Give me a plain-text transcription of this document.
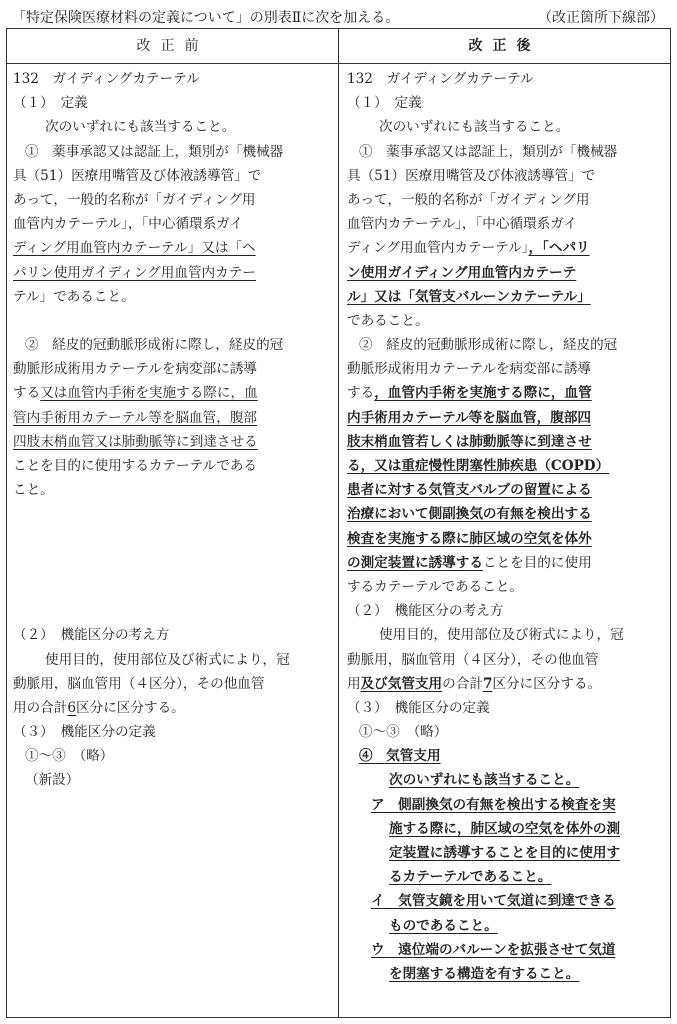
「特定保険医療材料の定義について」の別表Ⅱに次を加える。	（改正箇所下線部）
改正前	改正後
132　ガイディングカテーテル
（１）　定義
次のいずれにも該当すること。
①　薬事承認又は認証上，類別が「機械器
具（51）医療用嘴管及び体液誘導管」で
あって，一般的名称が「ガイディング用
血管内カテーテル」，「中心循環系ガイ
ディング用血管内カテーテル」又は「ヘ
パリン使用ガイディング用血管内カテー
テル」であること。
②　経皮的冠動脈形成術に際し，経皮的冠
動脈形成術用カテーテルを病変部に誘導
する又は血管内手術を実施する際に，血
管内手術用カテーテル等を脳血管，腹部
四肢末梢血管又は肺動脈等に到達させる
ことを目的に使用するカテーテルである
こと。
（２）　機能区分の考え方
使用目的，使用部位及び術式により，冠
動脈用，脳血管用（４区分），その他血管
用の合計6区分に区分する。
（３）　機能区分の定義
①～③　（略）
（新設）
132　ガイディングカテーテル
（１）　定義
次のいずれにも該当すること。
①　薬事承認又は認証上，類別が「機械器
具（51）医療用嘴管及び体液誘導管」で
あって，一般的名称が「ガイディング用
血管内カテーテル」，「中心循環系ガイ
ディング用血管内カテーテル」，「ヘパリ
ン使用ガイディング用血管内カテーテ
ル」又は「気管支バルーンカテーテル」
であること。
②　経皮的冠動脈形成術に際し，経皮的冠
動脈形成術用カテーテルを病変部に誘導
する，血管内手術を実施する際に，血管
内手術用カテーテル等を脳血管，腹部四
肢末梢血管若しくは肺動脈等に到達させ
る，又は重症慢性閉塞性肺疾患（COPD）
患者に対する気管支バルブの留置による
治療において側副換気の有無を検出する
検査を実施する際に肺区域の空気を体外
の測定装置に誘導することを目的に使用
するカテーテルであること。
（２）　機能区分の考え方
使用目的，使用部位及び術式により，冠
動脈用，脳血管用（４区分），その他血管
用及び気管支用の合計7区分に区分する。
（３）　機能区分の定義
①～③　（略）
④　気管支用
次のいずれにも該当すること。
ア　側副換気の有無を検出する検査を実
施する際に，肺区域の空気を体外の測
定装置に誘導することを目的に使用す
るカテーテルであること。
イ　気管支鏡を用いて気道に到達できる
ものであること。
ウ　遠位端のバルーンを拡張させて気道
を閉塞する構造を有すること。
